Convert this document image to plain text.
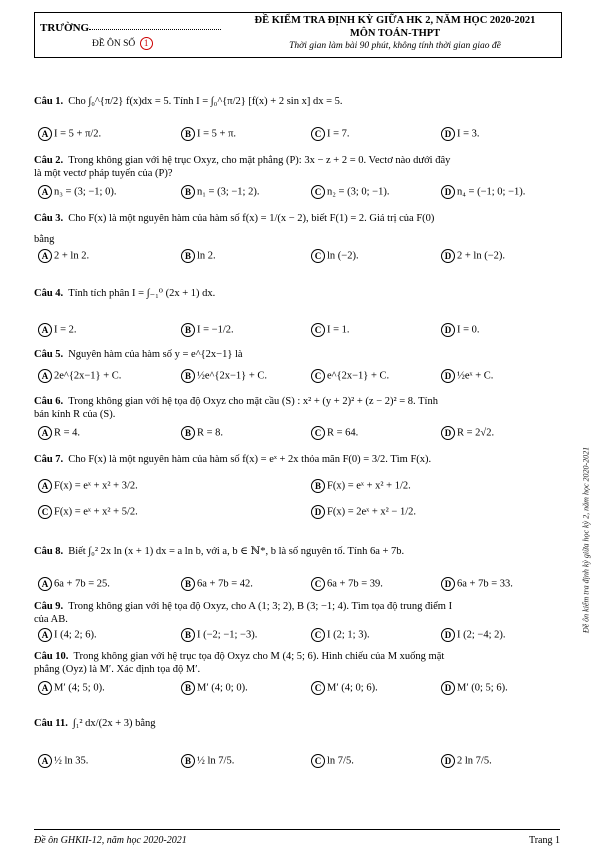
TRƯỜNG
ĐỀ ÔN SỐ 1
ĐỀ KIỂM TRA ĐỊNH KỲ GIỮA HK 2, NĂM HỌC 2020-2021
MÔN TOÁN-THPT
Thời gian làm bài 90 phút, không tính thời gian giao đề
Câu 1. Cho ∫₀^{π/2} f(x)dx = 5. Tính I = ∫₀^{π/2} [f(x) + 2 sin x] dx = 5.
A I = 5 + π/2.	B I = 5 + π.	C I = 7.	D I = 3.
Câu 2. Trong không gian với hệ trục Oxyz, cho mặt phẳng (P): 3x − z + 2 = 0. Vectơ nào dưới đây
là một vectơ pháp tuyến của (P)?
A n₃ = (3; −1; 0).	B n₁ = (3; −1; 2).	C n₂ = (3; 0; −1).	D n₄ = (−1; 0; −1).
Câu 3. Cho F(x) là một nguyên hàm của hàm số f(x) = 1/(x − 2), biết F(1) = 2. Giá trị của F(0)
bằng
A 2 + ln 2.	B ln 2.	C ln (−2).	D 2 + ln (−2).
Câu 4. Tính tích phân I = ∫₋₁⁰ (2x + 1) dx.
A I = 2.	B I = −1/2.	C I = 1.	D I = 0.
Câu 5. Nguyên hàm của hàm số y = e^{2x−1} là
A 2e^{2x−1} + C.	B ½e^{2x−1} + C.	C e^{2x−1} + C.	D ½eˣ + C.
Câu 6. Trong không gian với hệ tọa độ Oxyz cho mặt cầu (S) : x² + (y + 2)² + (z − 2)² = 8. Tính
bán kính R của (S).
A R = 4.	B R = 8.	C R = 64.	D R = 2√2.
Câu 7. Cho F(x) là một nguyên hàm của hàm số f(x) = eˣ + 2x thỏa mãn F(0) = 3/2. Tìm F(x).
A F(x) = eˣ + x² + 3/2.	B F(x) = eˣ + x² + 1/2.
C F(x) = eˣ + x² + 5/2.	D F(x) = 2eˣ + x² − 1/2.
Câu 8. Biết ∫₀² 2x ln (x + 1) dx = a ln b, với a, b ∈ ℕ*, b là số nguyên tố. Tính 6a + 7b.
A 6a + 7b = 25.	B 6a + 7b = 42.	C 6a + 7b = 39.	D 6a + 7b = 33.
Câu 9. Trong không gian với hệ tọa độ Oxyz, cho A (1; 3; 2), B (3; −1; 4). Tìm tọa độ trung điểm I
của AB.
A I (4; 2; 6).	B I (−2; −1; −3).	C I (2; 1; 3).	D I (2; −4; 2).
Câu 10. Trong không gian với hệ trục tọa độ Oxyz cho M (4; 5; 6). Hình chiếu của M xuống mặt
phẳng (Oyz) là M′. Xác định tọa độ M′.
A M′ (4; 5; 0).	B M′ (4; 0; 0).	C M′ (4; 0; 6).	D M′ (0; 5; 6).
Câu 11. ∫₁² dx/(2x + 3) bằng
A ½ ln 35.	B ½ ln 7/5.	C ln 7/5.	D 2 ln 7/5.
Đề ôn kiểm tra định kỳ giữa học kỳ 2, năm học 2020-2021
Đề ôn GHKII-12, năm học 2020-2021	Trang 1
